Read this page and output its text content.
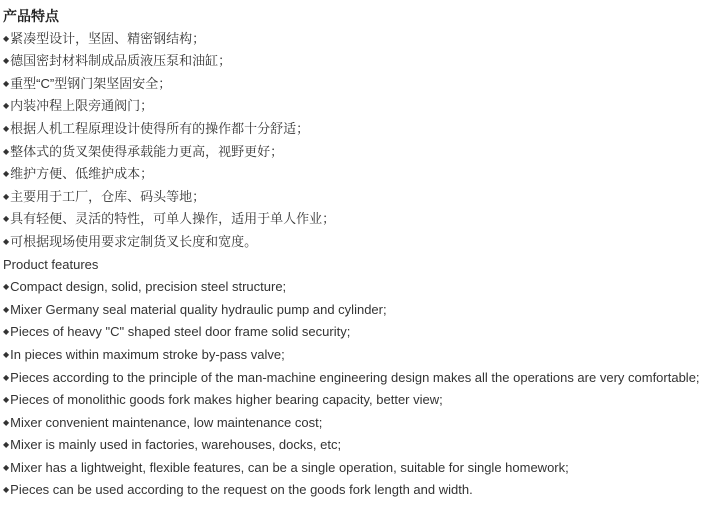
产品特点

◆紧凑型设计，坚固、精密钢结构；

◆德国密封材料制成品质液压泵和油缸；

◆重型“C”型钢门架坚固安全；

◆内装冲程上限旁通阀门；

◆根据人机工程原理设计使得所有的操作都十分舒适；

◆整体式的货叉架使得承载能力更高，视野更好；

◆维护方便、低维护成本；

◆主要用于工厂，仓库、码头等地；

◆具有轻便、灵活的特性，可单人操作，适用于单人作业；

◆可根据现场使用要求定制货叉长度和宽度。

Product features

◆Compact design, solid, precision steel structure;

◆Mixer Germany seal material quality hydraulic pump and cylinder;

◆Pieces of heavy "C" shaped steel door frame solid security;

◆In pieces within maximum stroke by-pass valve;

◆Pieces according to the principle of the man-machine engineering design makes all the operations are very comfortable;

◆Pieces of monolithic goods fork makes higher bearing capacity, better view;

◆Mixer convenient maintenance, low maintenance cost;

◆Mixer is mainly used in factories, warehouses, docks, etc;

◆Mixer has a lightweight, flexible features, can be a single operation, suitable for single homework;

◆Pieces can be used according to the request on the goods fork length and width.
